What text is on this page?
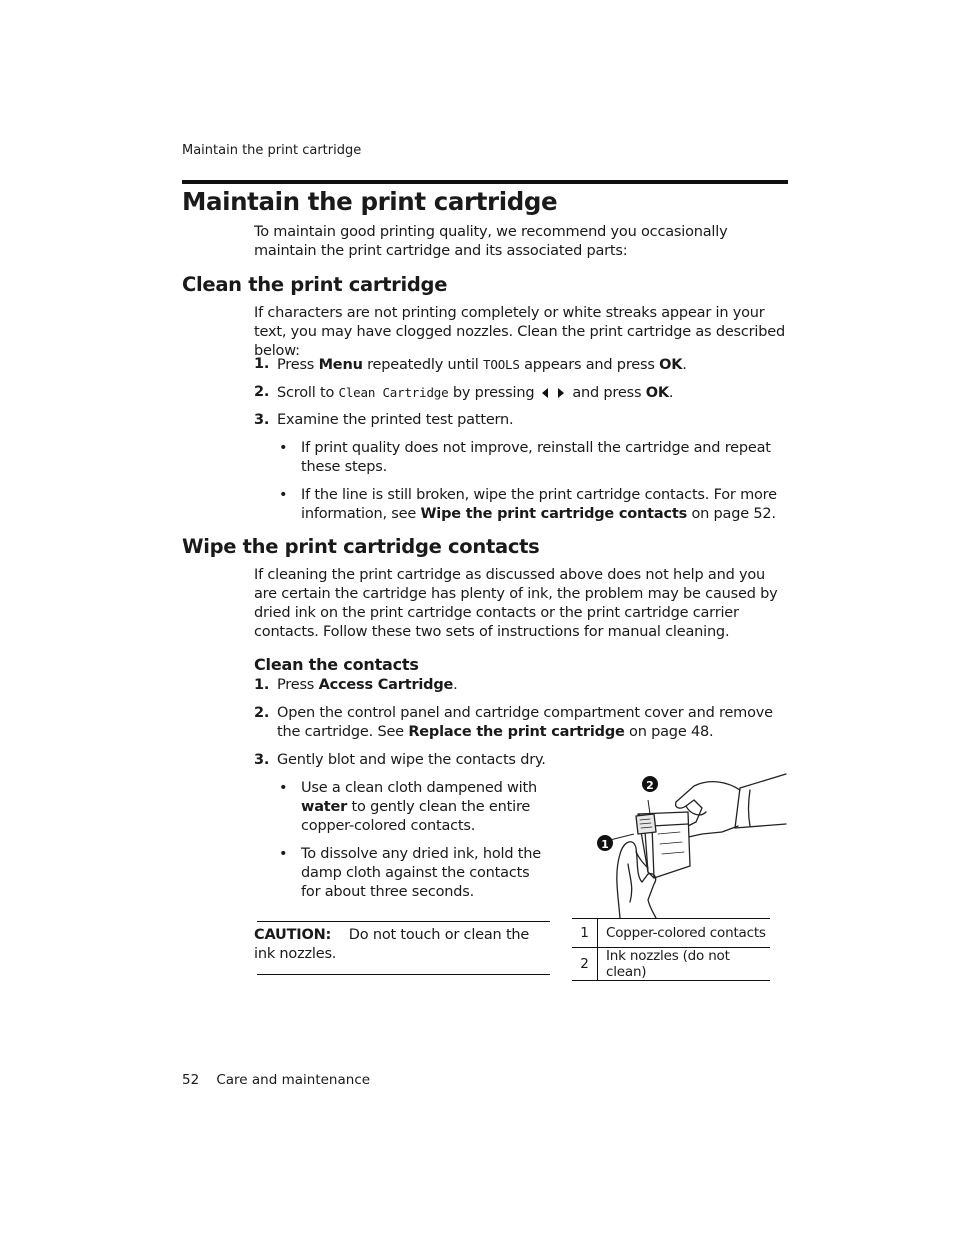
Maintain the print cartridge
Maintain the print cartridge
To maintain good printing quality, we recommend you occasionally maintain the print cartridge and its associated parts:
Clean the print cartridge
If characters are not printing completely or white streaks appear in your text, you may have clogged nozzles. Clean the print cartridge as described below:
1. Press Menu repeatedly until TOOLS appears and press OK.
2. Scroll to Clean Cartridge by pressing	and press OK.
3. Examine the printed test pattern.
• If print quality does not improve, reinstall the cartridge and repeat these steps.
• If the line is still broken, wipe the print cartridge contacts. For more information, see Wipe the print cartridge contacts on page 52.
Wipe the print cartridge contacts
If cleaning the print cartridge as discussed above does not help and you are certain the cartridge has plenty of ink, the problem may be caused by dried ink on the print cartridge contacts or the print cartridge carrier contacts. Follow these two sets of instructions for manual cleaning.
Clean the contacts
1. Press Access Cartridge.
2. Open the control panel and cartridge compartment cover and remove the cartridge. See Replace the print cartridge on page 48.
3. Gently blot and wipe the contacts dry.
• Use a clean cloth dampened with water to gently clean the entire copper-colored contacts.
• To dissolve any dried ink, hold the damp cloth against the contacts for about three seconds.
CAUTION: Do not touch or clean the ink nozzles.
1
2
1	Copper-colored contacts
2	Ink nozzles (do not clean)
52 Care and maintenance
